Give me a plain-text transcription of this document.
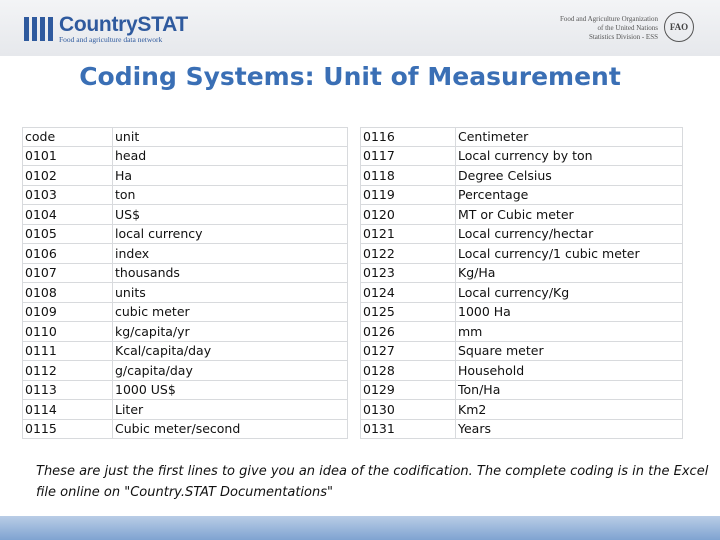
CountrySTAT
Food and agriculture data network
Food and Agriculture Organization
of the United Nations
Statistics Division - ESS
FAO
Coding Systems: Unit of Measurement
code	unit
0101	head
0102	Ha
0103	ton
0104	US$
0105	local currency
0106	index
0107	thousands
0108	units
0109	cubic meter
0110	kg/capita/yr
0111	Kcal/capita/day
0112	g/capita/day
0113	1000 US$
0114	Liter
0115	Cubic meter/second
0116	Centimeter
0117	Local currency by ton
0118	Degree Celsius
0119	Percentage
0120	MT or Cubic meter
0121	Local currency/hectar
0122	Local currency/1 cubic meter
0123	Kg/Ha
0124	Local currency/Kg
0125	1000 Ha
0126	mm
0127	Square meter
0128	Household
0129	Ton/Ha
0130	Km2
0131	Years

These are just the first lines to give you an idea of the codification. The complete coding is in the Excel file online on "Country.STAT Documentations"
